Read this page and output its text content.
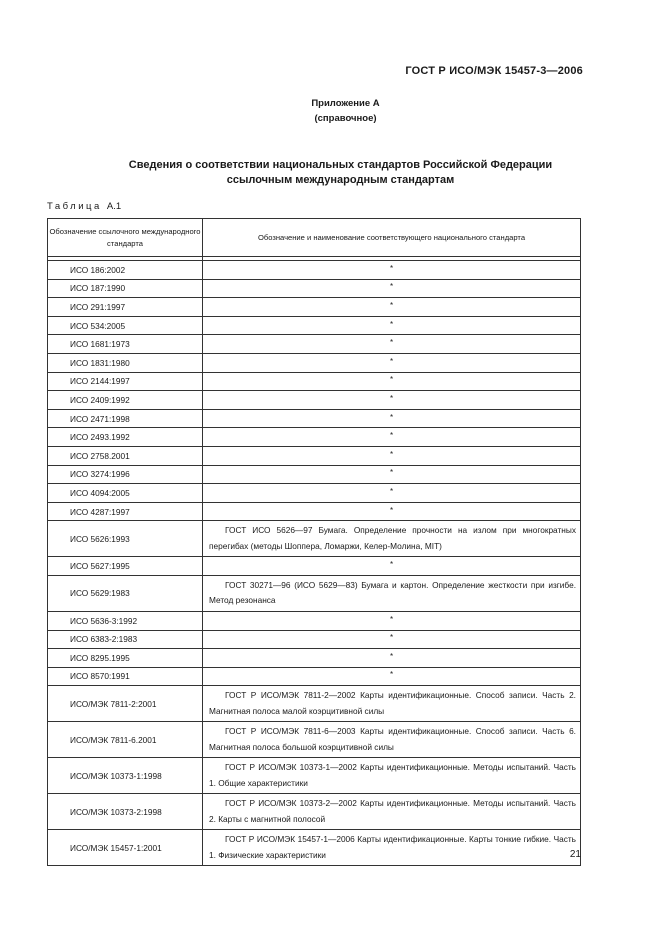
ГОСТ Р ИСО/МЭК 15457-3—2006
Приложение А
(справочное)
Сведения о соответствии национальных стандартов Российской Федерации
ссылочным международным стандартам
Таблица А.1
Обозначение ссылочного международного стандарта	Обозначение и наименование соответствующего национального стандарта

ИСО 186:2002	*
ИСО 187:1990	*
ИСО 291:1997	*
ИСО 534:2005	*
ИСО 1681:1973	*
ИСО 1831:1980	*
ИСО 2144:1997	*
ИСО 2409:1992	*
ИСО 2471:1998	*
ИСО 2493.1992	*
ИСО 2758.2001	*
ИСО 3274:1996	*
ИСО 4094:2005	*
ИСО 4287:1997	*
ИСО 5626:1993	ГОСТ ИСО 5626—97 Бумага. Определение прочности на излом при многократных перегибах (методы Шоппера, Ломаржи, Келер-Молина, MIT)
ИСО 5627:1995	*
ИСО 5629:1983	ГОСТ 30271—96 (ИСО 5629—83) Бумага и картон. Определение жесткости при изгибе. Метод резонанса
ИСО 5636-3:1992	*
ИСО 6383-2:1983	*
ИСО 8295.1995	*
ИСО 8570:1991	*
ИСО/МЭК 7811-2:2001	ГОСТ Р ИСО/МЭК 7811-2—2002 Карты идентификационные. Способ записи. Часть 2. Магнитная полоса малой коэрцитивной силы
ИСО/МЭК 7811-6.2001	ГОСТ Р ИСО/МЭК 7811-6—2003 Карты идентификационные. Способ записи. Часть 6. Магнитная полоса большой коэрцитивной силы
ИСО/МЭК 10373-1:1998	ГОСТ Р ИСО/МЭК 10373-1—2002 Карты идентификационные. Методы испытаний. Часть 1. Общие характеристики
ИСО/МЭК 10373-2:1998	ГОСТ Р ИСО/МЭК 10373-2—2002 Карты идентификационные. Методы испытаний. Часть 2. Карты с магнитной полосой
ИСО/МЭК 15457-1:2001	ГОСТ Р ИСО/МЭК 15457-1—2006 Карты идентификационные. Карты тонкие гибкие. Часть 1. Физические характеристики	21
